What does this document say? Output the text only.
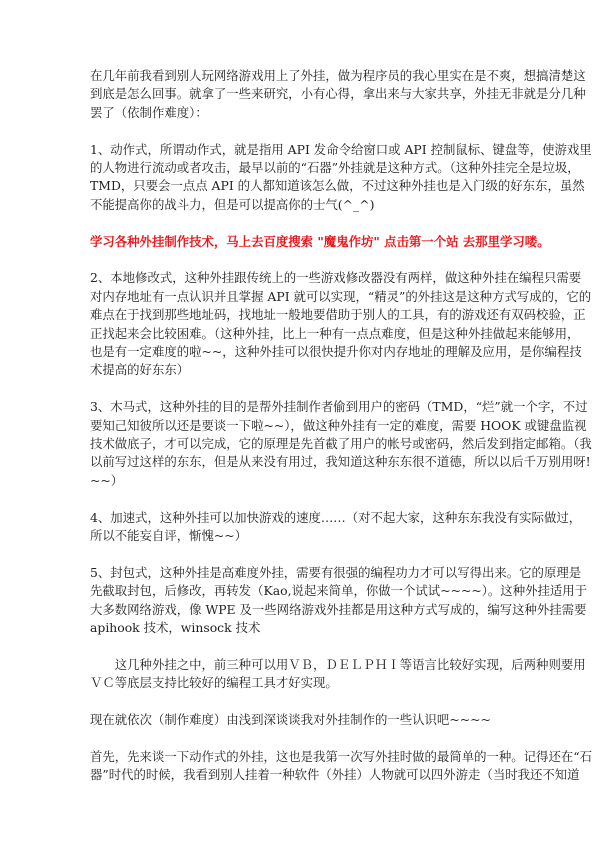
在几年前我看到别人玩网络游戏用上了外挂，做为程序员的我心里实在是不爽，想搞清楚这
到底是怎么回事。就拿了一些来研究，小有心得，拿出来与大家共享，外挂无非就是分几种
罢了（依制作难度）：
1、动作式，所谓动作式，就是指用 API 发命令给窗口或 API 控制鼠标、键盘等，使游戏里
的人物进行流动或者攻击，最早以前的“石器”外挂就是这种方式。（这种外挂完全是垃圾，
TMD，只要会一点点 API 的人都知道该怎么做，不过这种外挂也是入门级的好东东，虽然
不能提高你的战斗力，但是可以提高你的士气(^_^)
学习各种外挂制作技术，马上去百度搜索 "魔鬼作坊" 点击第一个站 去那里学习喽。
2、本地修改式，这种外挂跟传统上的一些游戏修改器没有两样，做这种外挂在编程只需要
对内存地址有一点认识并且掌握 API 就可以实现，“精灵”的外挂这是这种方式写成的，它的
难点在于找到那些地址码，找地址一般地要借助于别人的工具，有的游戏还有双码校验，正
正找起来会比较困难。（这种外挂，比上一种有一点点难度，但是这种外挂做起来能够用，
也是有一定难度的啦~~，这种外挂可以很快提升你对内存地址的理解及应用，是你编程技
术提高的好东东）
3、木马式，这种外挂的目的是帮外挂制作者偷到用户的密码（TMD，“烂”就一个字，不过
要知己知彼所以还是要谈一下啦~~），做这种外挂有一定的难度，需要 HOOK 或键盘监视
技术做底子，才可以完成，它的原理是先首截了用户的帐号或密码，然后发到指定邮箱。（我
以前写过这样的东东，但是从来没有用过，我知道这种东东很不道德，所以以后千万别用呀!
~~）
4、加速式，这种外挂可以加快游戏的速度……（对不起大家，这种东东我没有实际做过，
所以不能妄自评，惭愧~~）
5、封包式，这种外挂是高难度外挂，需要有很强的编程功力才可以写得出来。它的原理是
先截取封包，后修改，再转发（Kao,说起来简单，你做一个试试~~~~）。这种外挂适用于
大多数网络游戏，像 WPE 及一些网络游戏外挂都是用这种方式写成的，编写这种外挂需要
apihook 技术，winsock 技术
　　这几种外挂之中，前三种可以用ＶＢ，ＤＥＬＰＨＩ等语言比较好实现，后两种则要用
ＶＣ等底层支持比较好的编程工具才好实现。
现在就依次（制作难度）由浅到深谈谈我对外挂制作的一些认识吧~~~~
首先，先来谈一下动作式的外挂，这也是我第一次写外挂时做的最简单的一种。记得还在“石
器”时代的时候，我看到别人挂着一种软件（外挂）人物就可以四外游走（当时我还不知道
